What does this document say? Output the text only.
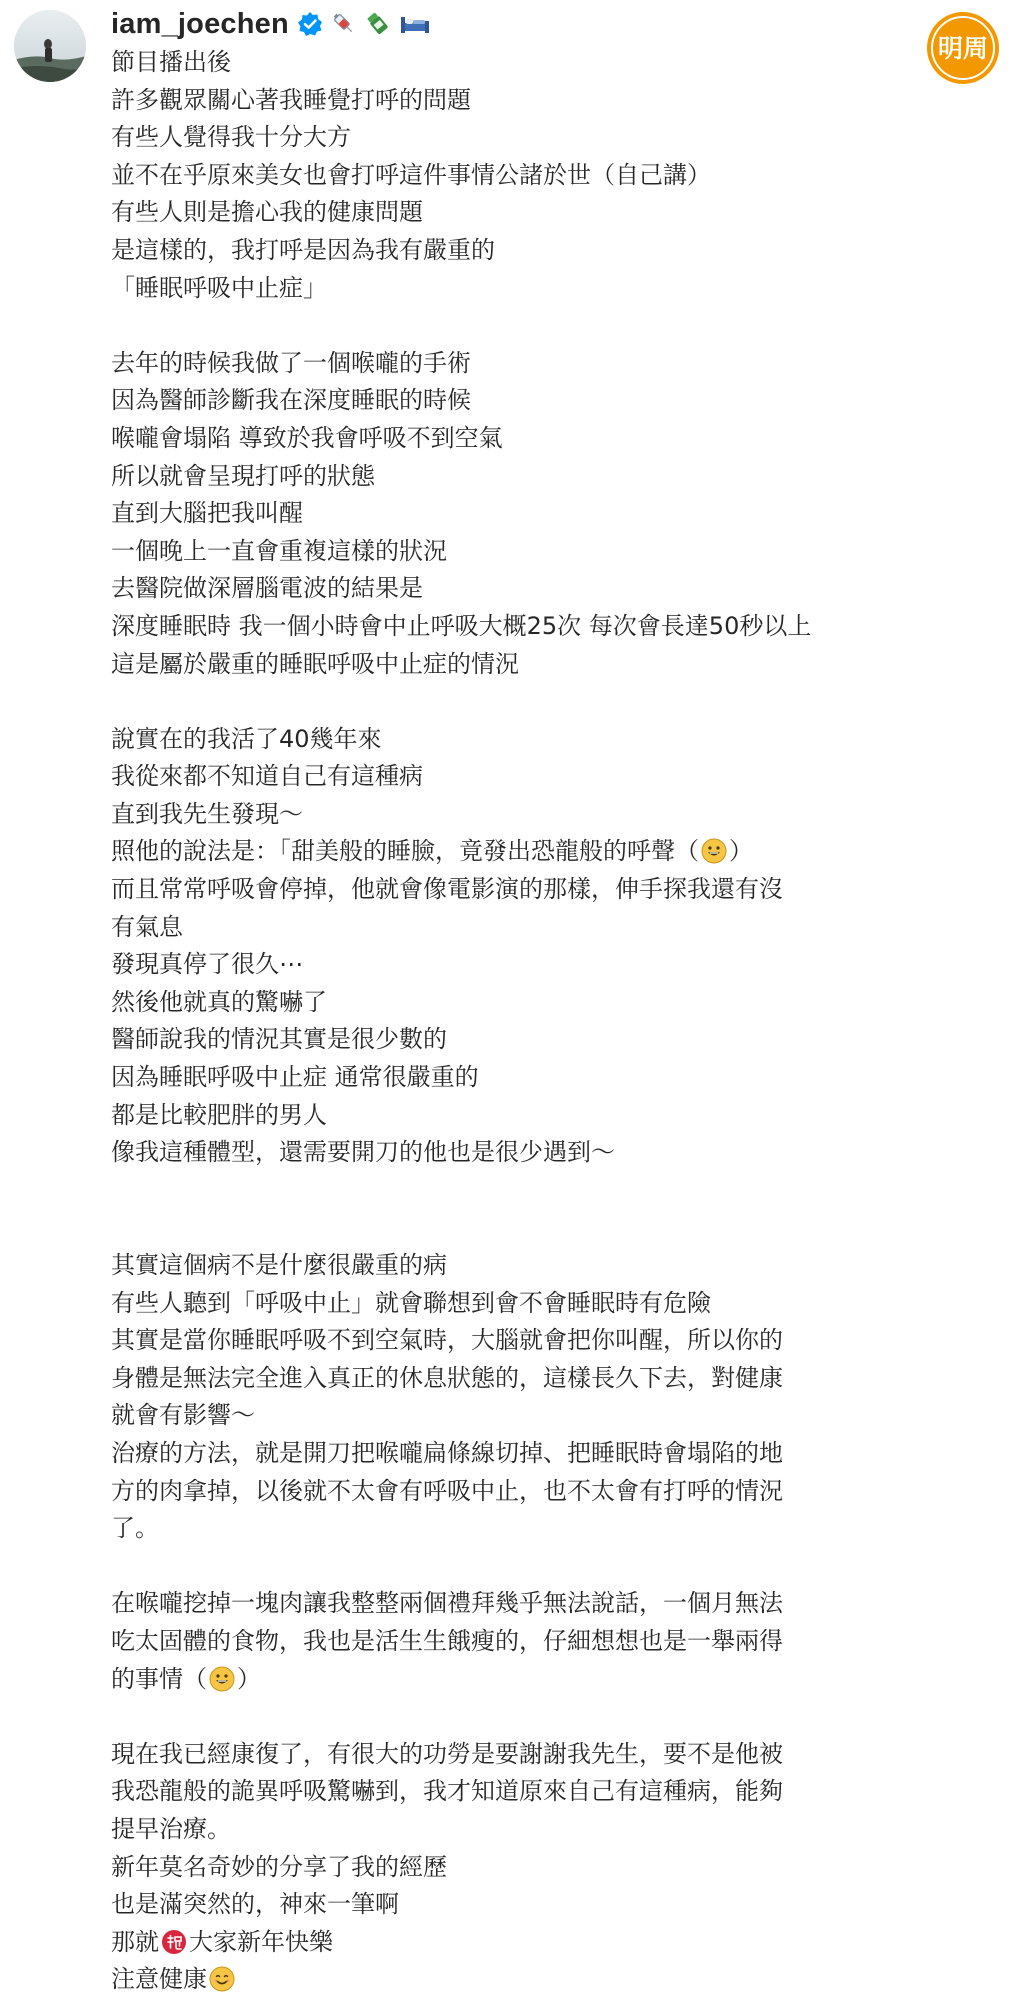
iam_joechen
明周
節目播出後
許多觀眾關心著我睡覺打呼的問題
有些人覺得我十分大方
並不在乎原來美女也會打呼這件事情公諸於世（自己講）
有些人則是擔心我的健康問題
是這樣的，我打呼是因為我有嚴重的
「睡眠呼吸中止症」
去年的時候我做了一個喉嚨的手術
因為醫師診斷我在深度睡眠的時候
喉嚨會塌陷 導致於我會呼吸不到空氣
所以就會呈現打呼的狀態
直到大腦把我叫醒
一個晚上一直會重複這樣的狀況
去醫院做深層腦電波的結果是
深度睡眠時 我一個小時會中止呼吸大概25次 每次會長達50秒以上
這是屬於嚴重的睡眠呼吸中止症的情況
說實在的我活了40幾年來
我從來都不知道自己有這種病
直到我先生發現～
照他的說法是：「甜美般的睡臉，竟發出恐龍般的呼聲（ ）
而且常常呼吸會停掉，他就會像電影演的那樣，伸手探我還有沒
有氣息
發現真停了很久⋯
然後他就真的驚嚇了
醫師說我的情況其實是很少數的
因為睡眠呼吸中止症 通常很嚴重的
都是比較肥胖的男人
像我這種體型，還需要開刀的他也是很少遇到～
其實這個病不是什麼很嚴重的病
有些人聽到「呼吸中止」就會聯想到會不會睡眠時有危險
其實是當你睡眠呼吸不到空氣時，大腦就會把你叫醒，所以你的
身體是無法完全進入真正的休息狀態的，這樣長久下去，對健康
就會有影響～
治療的方法，就是開刀把喉嚨扁條線切掉、把睡眠時會塌陷的地
方的肉拿掉，以後就不太會有呼吸中止，也不太會有打呼的情況
了。
在喉嚨挖掉一塊肉讓我整整兩個禮拜幾乎無法說話，一個月無法
吃太固體的食物，我也是活生生餓瘦的，仔細想想也是一舉兩得
的事情（ ）
現在我已經康復了，有很大的功勞是要謝謝我先生，要不是他被
我恐龍般的詭異呼吸驚嚇到，我才知道原來自己有這種病，能夠
提早治療。
新年莫名奇妙的分享了我的經歷
也是滿突然的，神來一筆啊
那就 大家新年快樂
注意健康
